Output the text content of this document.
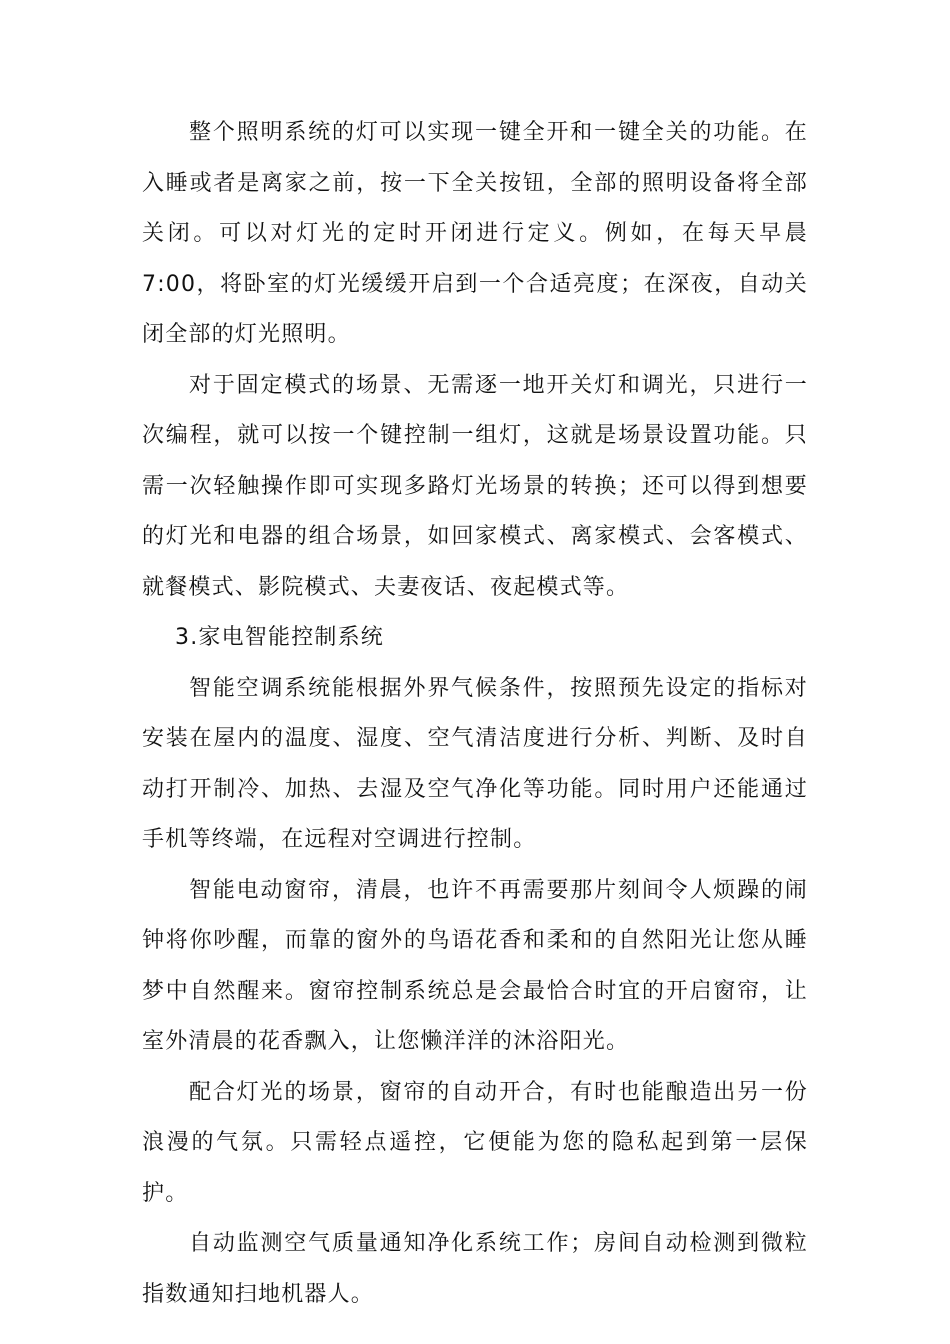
整个照明系统的灯可以实现一键全开和一键全关的功能。在入睡或者是离家之前，按一下全关按钮，全部的照明设备将全部关闭。可以对灯光的定时开闭进行定义。例如，在每天早晨7:00，将卧室的灯光缓缓开启到一个合适亮度；在深夜，自动关闭全部的灯光照明。

对于固定模式的场景、无需逐一地开关灯和调光，只进行一次编程，就可以按一个键控制一组灯，这就是场景设置功能。只需一次轻触操作即可实现多路灯光场景的转换；还可以得到想要的灯光和电器的组合场景，如回家模式、离家模式、会客模式、就餐模式、影院模式、夫妻夜话、夜起模式等。

3.家电智能控制系统

智能空调系统能根据外界气候条件，按照预先设定的指标对安装在屋内的温度、湿度、空气清洁度进行分析、判断、及时自动打开制冷、加热、去湿及空气净化等功能。同时用户还能通过手机等终端，在远程对空调进行控制。

智能电动窗帘，清晨，也许不再需要那片刻间令人烦躁的闹钟将你吵醒，而靠的窗外的鸟语花香和柔和的自然阳光让您从睡梦中自然醒来。窗帘控制系统总是会最恰合时宜的开启窗帘，让室外清晨的花香飘入，让您懒洋洋的沐浴阳光。

配合灯光的场景，窗帘的自动开合，有时也能酿造出另一份浪漫的气氛。只需轻点遥控，它便能为您的隐私起到第一层保护。

自动监测空气质量通知净化系统工作；房间自动检测到微粒指数通知扫地机器人。
